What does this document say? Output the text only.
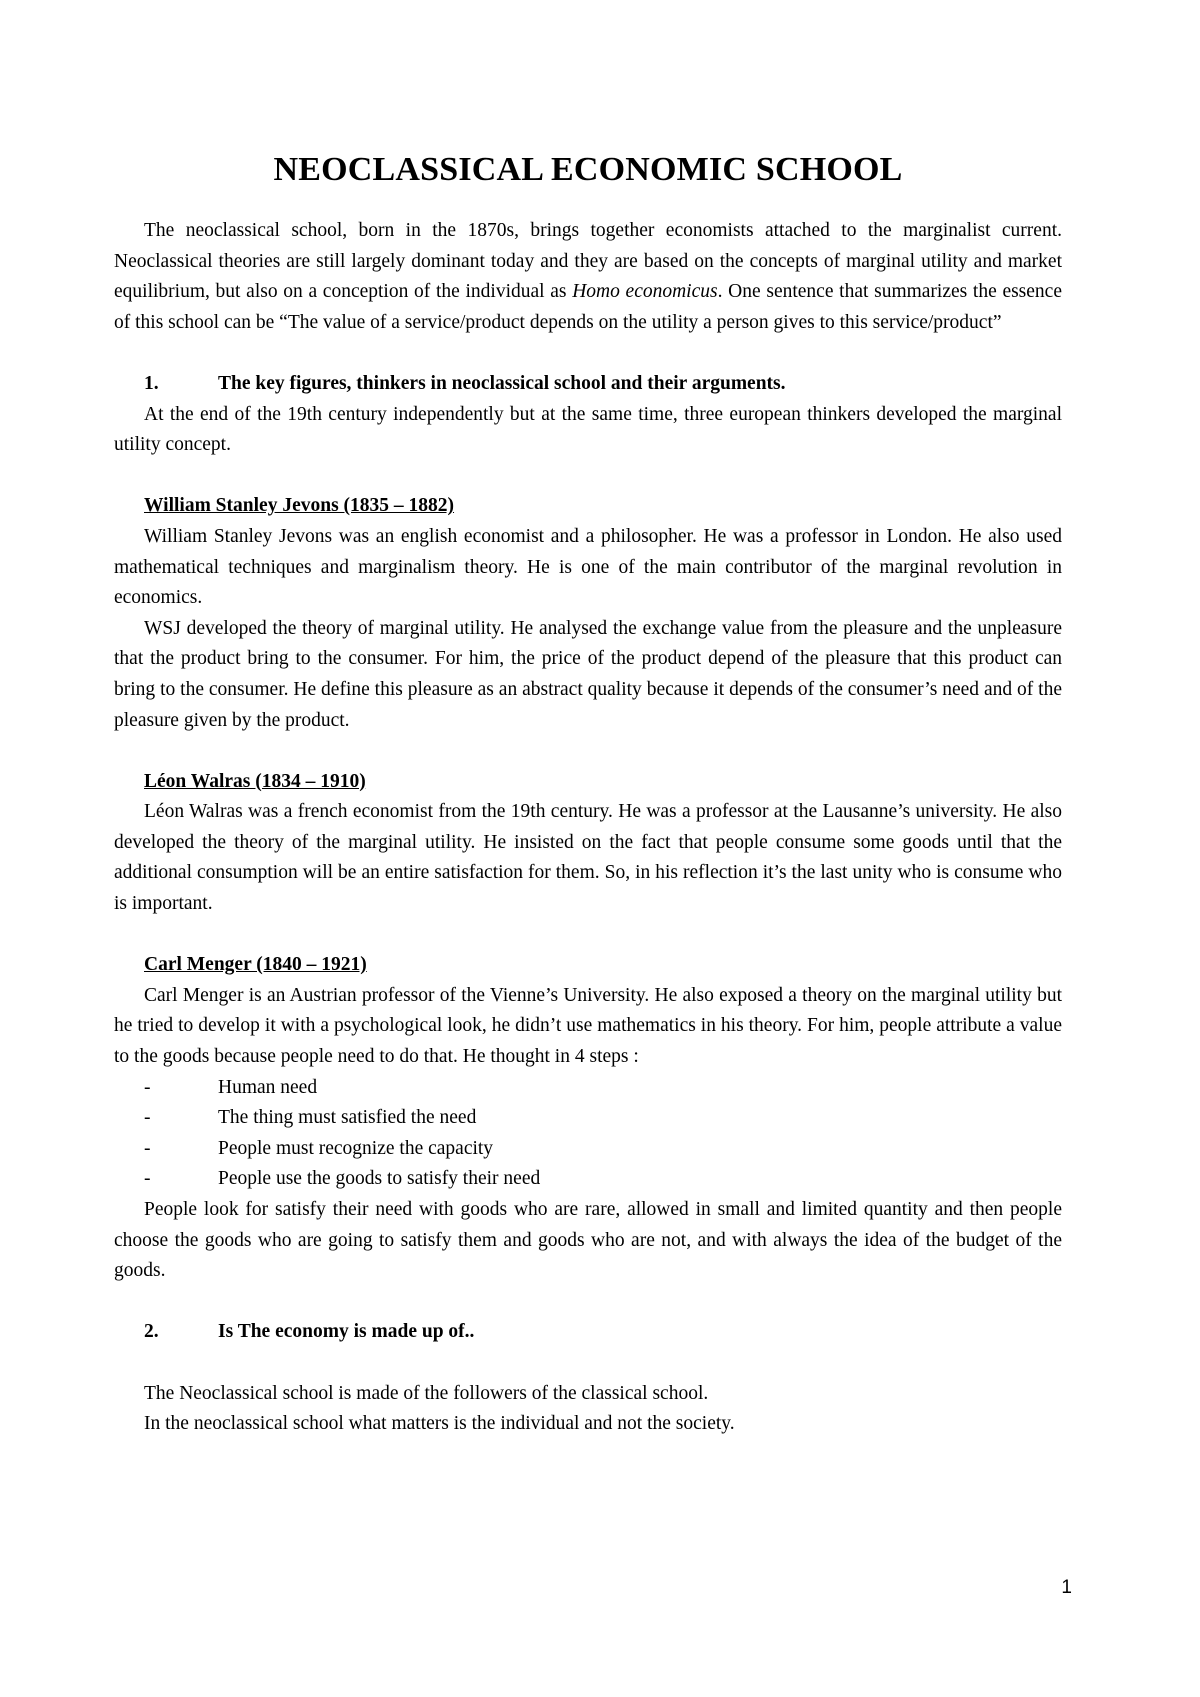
NEOCLASSICAL ECONOMIC SCHOOL

The neoclassical school, born in the 1870s, brings together economists attached to the marginalist current. Neoclassical theories are still largely dominant today and they are based on the concepts of marginal utility and market equilibrium, but also on a conception of the individual as Homo economicus. One sentence that summarizes the essence of this school can be “The value of a service/product depends on the utility a person gives to this service/product”

1.	The key figures, thinkers in neoclassical school and their arguments.

At the end of the 19th century independently but at the same time, three european thinkers developed the marginal utility concept.

William Stanley Jevons (1835 – 1882)

William Stanley Jevons was an english economist and a philosopher. He was a professor in London. He also used mathematical techniques and marginalism theory. He is one of the main contributor of the marginal revolution in economics.

WSJ developed the theory of marginal utility. He analysed the exchange value from the pleasure and the unpleasure that the product bring to the consumer. For him, the price of the product depend of the pleasure that this product can bring to the consumer. He define this pleasure as an abstract quality because it depends of the consumer’s need and of the pleasure given by the product.

Léon Walras (1834 – 1910)

Léon Walras was a french economist from the 19th century. He was a professor at the Lausanne’s university. He also developed the theory of the marginal utility. He insisted on the fact that people consume some goods until that the additional consumption will be an entire satisfaction for them. So, in his reflection it’s the last unity who is consume who is important.

Carl Menger (1840 – 1921)

Carl Menger is an Austrian professor of the Vienne’s University. He also exposed a theory on the marginal utility but he tried to develop it with a psychological look, he didn’t use mathematics in his theory. For him, people attribute a value to the goods because people need to do that. He thought in 4 steps :

-	Human need
-	The thing must satisfied the need
-	People must recognize the capacity
-	People use the goods to satisfy their need

People look for satisfy their need with goods who are rare, allowed in small and limited quantity and then people choose the goods who are going to satisfy them and goods who are not, and with always the idea of the budget of the goods.

2.	Is The economy is made up of..

The Neoclassical school is made of the followers of the classical school.

In the neoclassical school what matters is the individual and not the society.

1
